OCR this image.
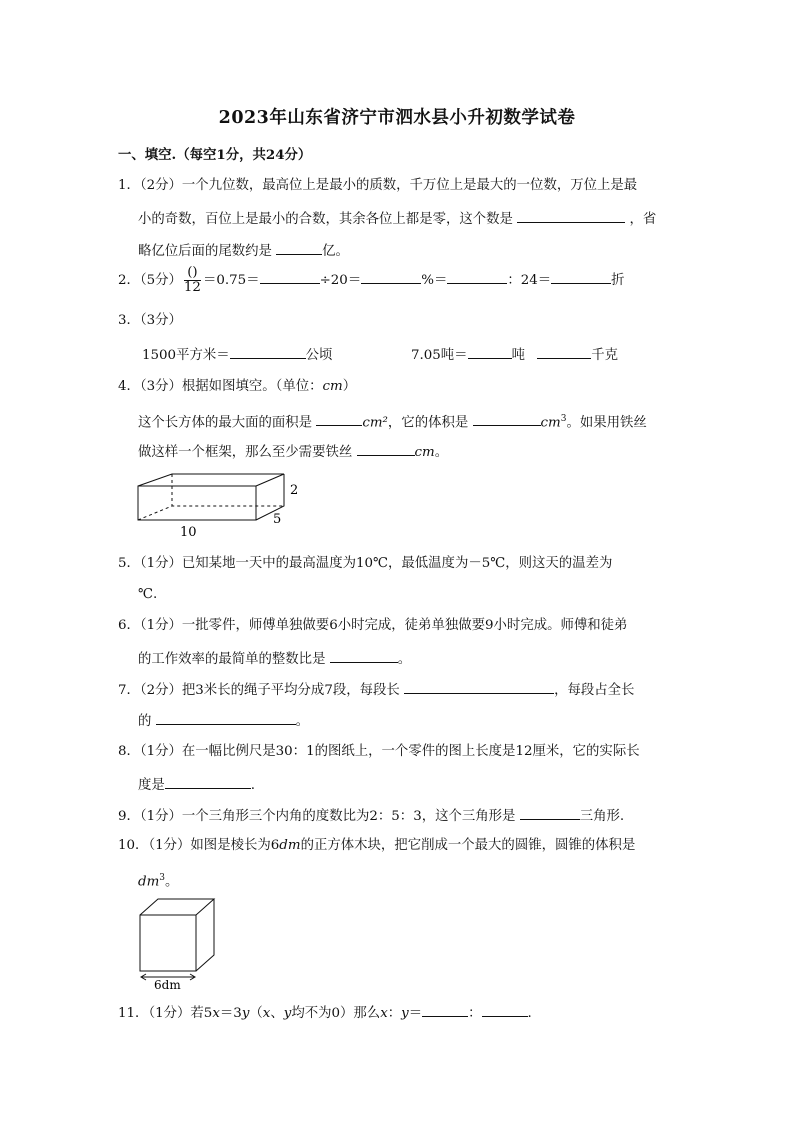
2023年山东省济宁市泗水县小升初数学试卷
一、填空.（每空1分，共24分）
1．（2分）一个九位数，最高位上是最小的质数，千万位上是最大的一位数，万位上是最
小的奇数，百位上是最小的合数，其余各位上都是零，这个数是	，省
略亿位后面的尾数约是	亿。
2．（5分） $\frac{()}{12} =0.75=$	÷20＝	%＝	：24＝	折
3．（3分）
1500平方米＝	公顷	7.05吨＝	吨	千克
4．（3分）根据如图填空。（单位：cm）
这个长方体的最大面的面积是	cm²，它的体积是	$cm^3$。如果用铁丝
做这样一个框架，那么至少需要铁丝	cm。
2
5
10
5．（1分）已知某地一天中的最高温度为10℃，最低温度为－5℃，则这天的温差为
℃.
6．（1分）一批零件，师傅单独做要6小时完成，徒弟单独做要9小时完成。师傅和徒弟
的工作效率的最简单的整数比是	。
7．（2分）把3米长的绳子平均分成7段，每段长	，每段占全长
的	。
8．（1分）在一幅比例尺是30：1的图纸上，一个零件的图上长度是12厘米，它的实际长
度是	.
9．（1分）一个三角形三个内角的度数比为2：5：3，这个三角形是	三角形.
10．（1分）如图是棱长为6dm的正方体木块，把它削成一个最大的圆锥，圆锥的体积是
$dm^3$。
6dm
11．（1分）若5x＝3y（x、y均不为0）那么x：y＝	：	.
